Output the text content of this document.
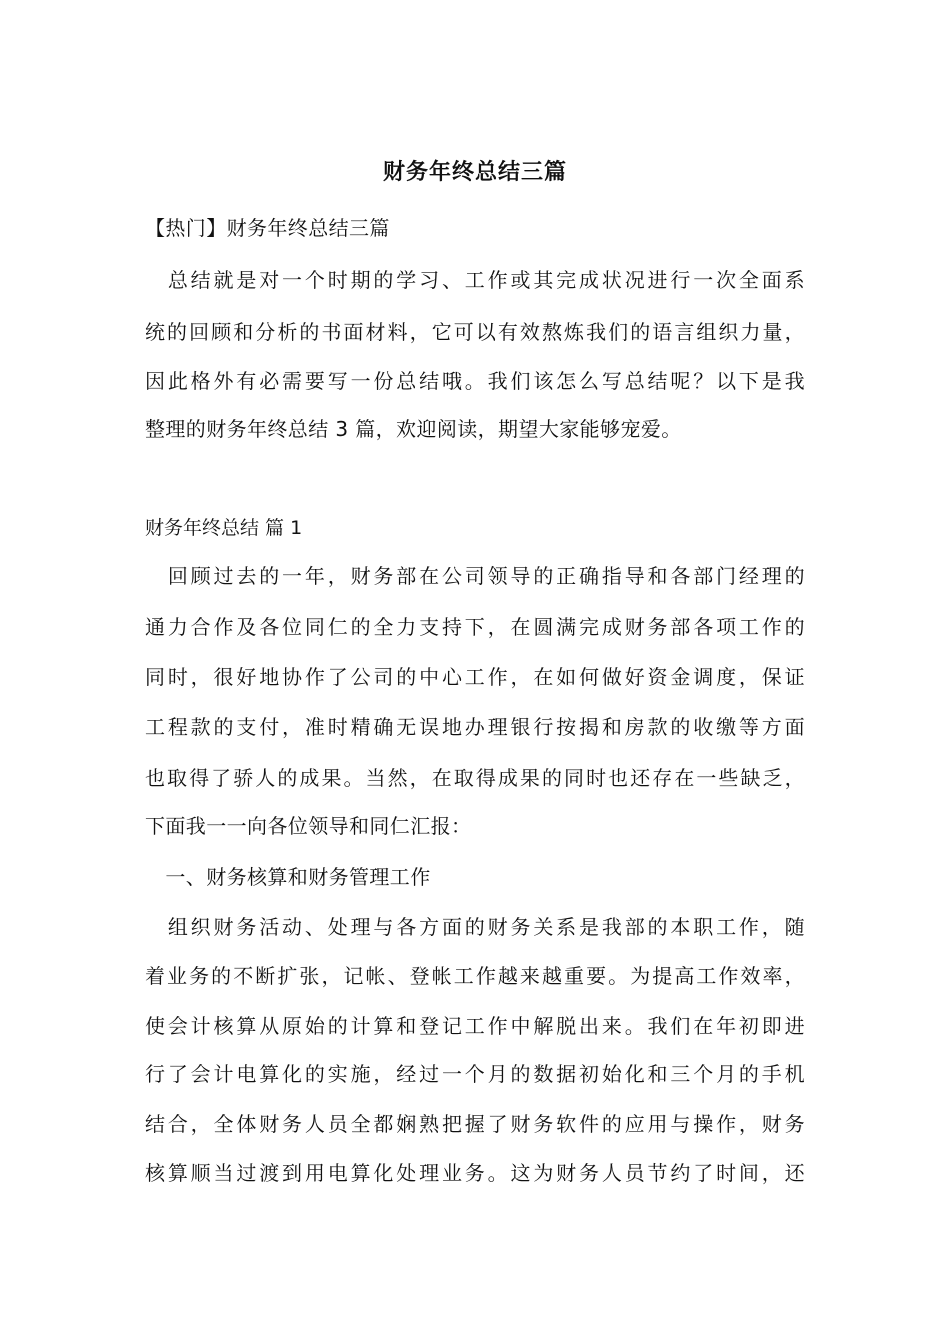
财务年终总结三篇
【热门】财务年终总结三篇
　总结就是对一个时期的学习、工作或其完成状况进行一次全面系
统的回顾和分析的书面材料，它可以有效熬炼我们的语言组织力量，
因此格外有必需要写一份总结哦。我们该怎么写总结呢？以下是我
整理的财务年终总结 3 篇，欢迎阅读，期望大家能够宠爱。
财务年终总结 篇 1
　回顾过去的一年，财务部在公司领导的正确指导和各部门经理的
通力合作及各位同仁的全力支持下，在圆满完成财务部各项工作的
同时，很好地协作了公司的中心工作，在如何做好资金调度，保证
工程款的支付，准时精确无误地办理银行按揭和房款的收缴等方面
也取得了骄人的成果。当然，在取得成果的同时也还存在一些缺乏，
下面我一一向各位领导和同仁汇报：
　一、财务核算和财务管理工作
　组织财务活动、处理与各方面的财务关系是我部的本职工作，随
着业务的不断扩张，记帐、登帐工作越来越重要。为提高工作效率，
使会计核算从原始的计算和登记工作中解脱出来。我们在年初即进
行了会计电算化的实施，经过一个月的数据初始化和三个月的手机
结合，全体财务人员全都娴熟把握了财务软件的应用与操作，财务
核算顺当过渡到用电算化处理业务。这为财务人员节约了时间，还
